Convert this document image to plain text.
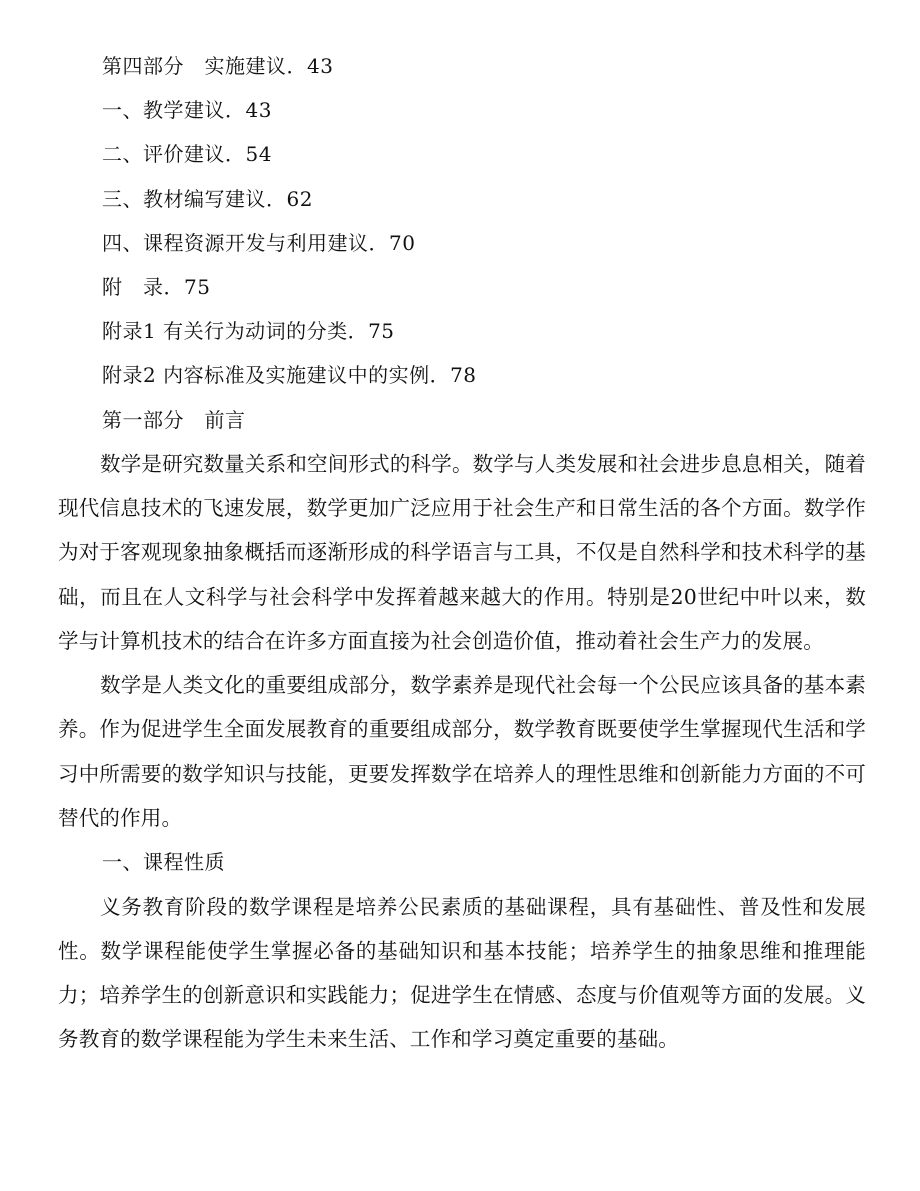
第四部分　实施建议．43
一、教学建议．43
二、评价建议．54
三、教材编写建议．62
四、课程资源开发与利用建议．70
附　录．75
附录1 有关行为动词的分类．75
附录2 内容标准及实施建议中的实例．78
第一部分　前言

数学是研究数量关系和空间形式的科学。数学与人类发展和社会进步息息相关，随着现代信息技术的飞速发展，数学更加广泛应用于社会生产和日常生活的各个方面。数学作为对于客观现象抽象概括而逐渐形成的科学语言与工具，不仅是自然科学和技术科学的基础，而且在人文科学与社会科学中发挥着越来越大的作用。特别是20世纪中叶以来，数学与计算机技术的结合在许多方面直接为社会创造价值，推动着社会生产力的发展。

数学是人类文化的重要组成部分，数学素养是现代社会每一个公民应该具备的基本素养。作为促进学生全面发展教育的重要组成部分，数学教育既要使学生掌握现代生活和学习中所需要的数学知识与技能，更要发挥数学在培养人的理性思维和创新能力方面的不可替代的作用。

一、课程性质

义务教育阶段的数学课程是培养公民素质的基础课程，具有基础性、普及性和发展性。数学课程能使学生掌握必备的基础知识和基本技能；培养学生的抽象思维和推理能力；培养学生的创新意识和实践能力；促进学生在情感、态度与价值观等方面的发展。义务教育的数学课程能为学生未来生活、工作和学习奠定重要的基础。
